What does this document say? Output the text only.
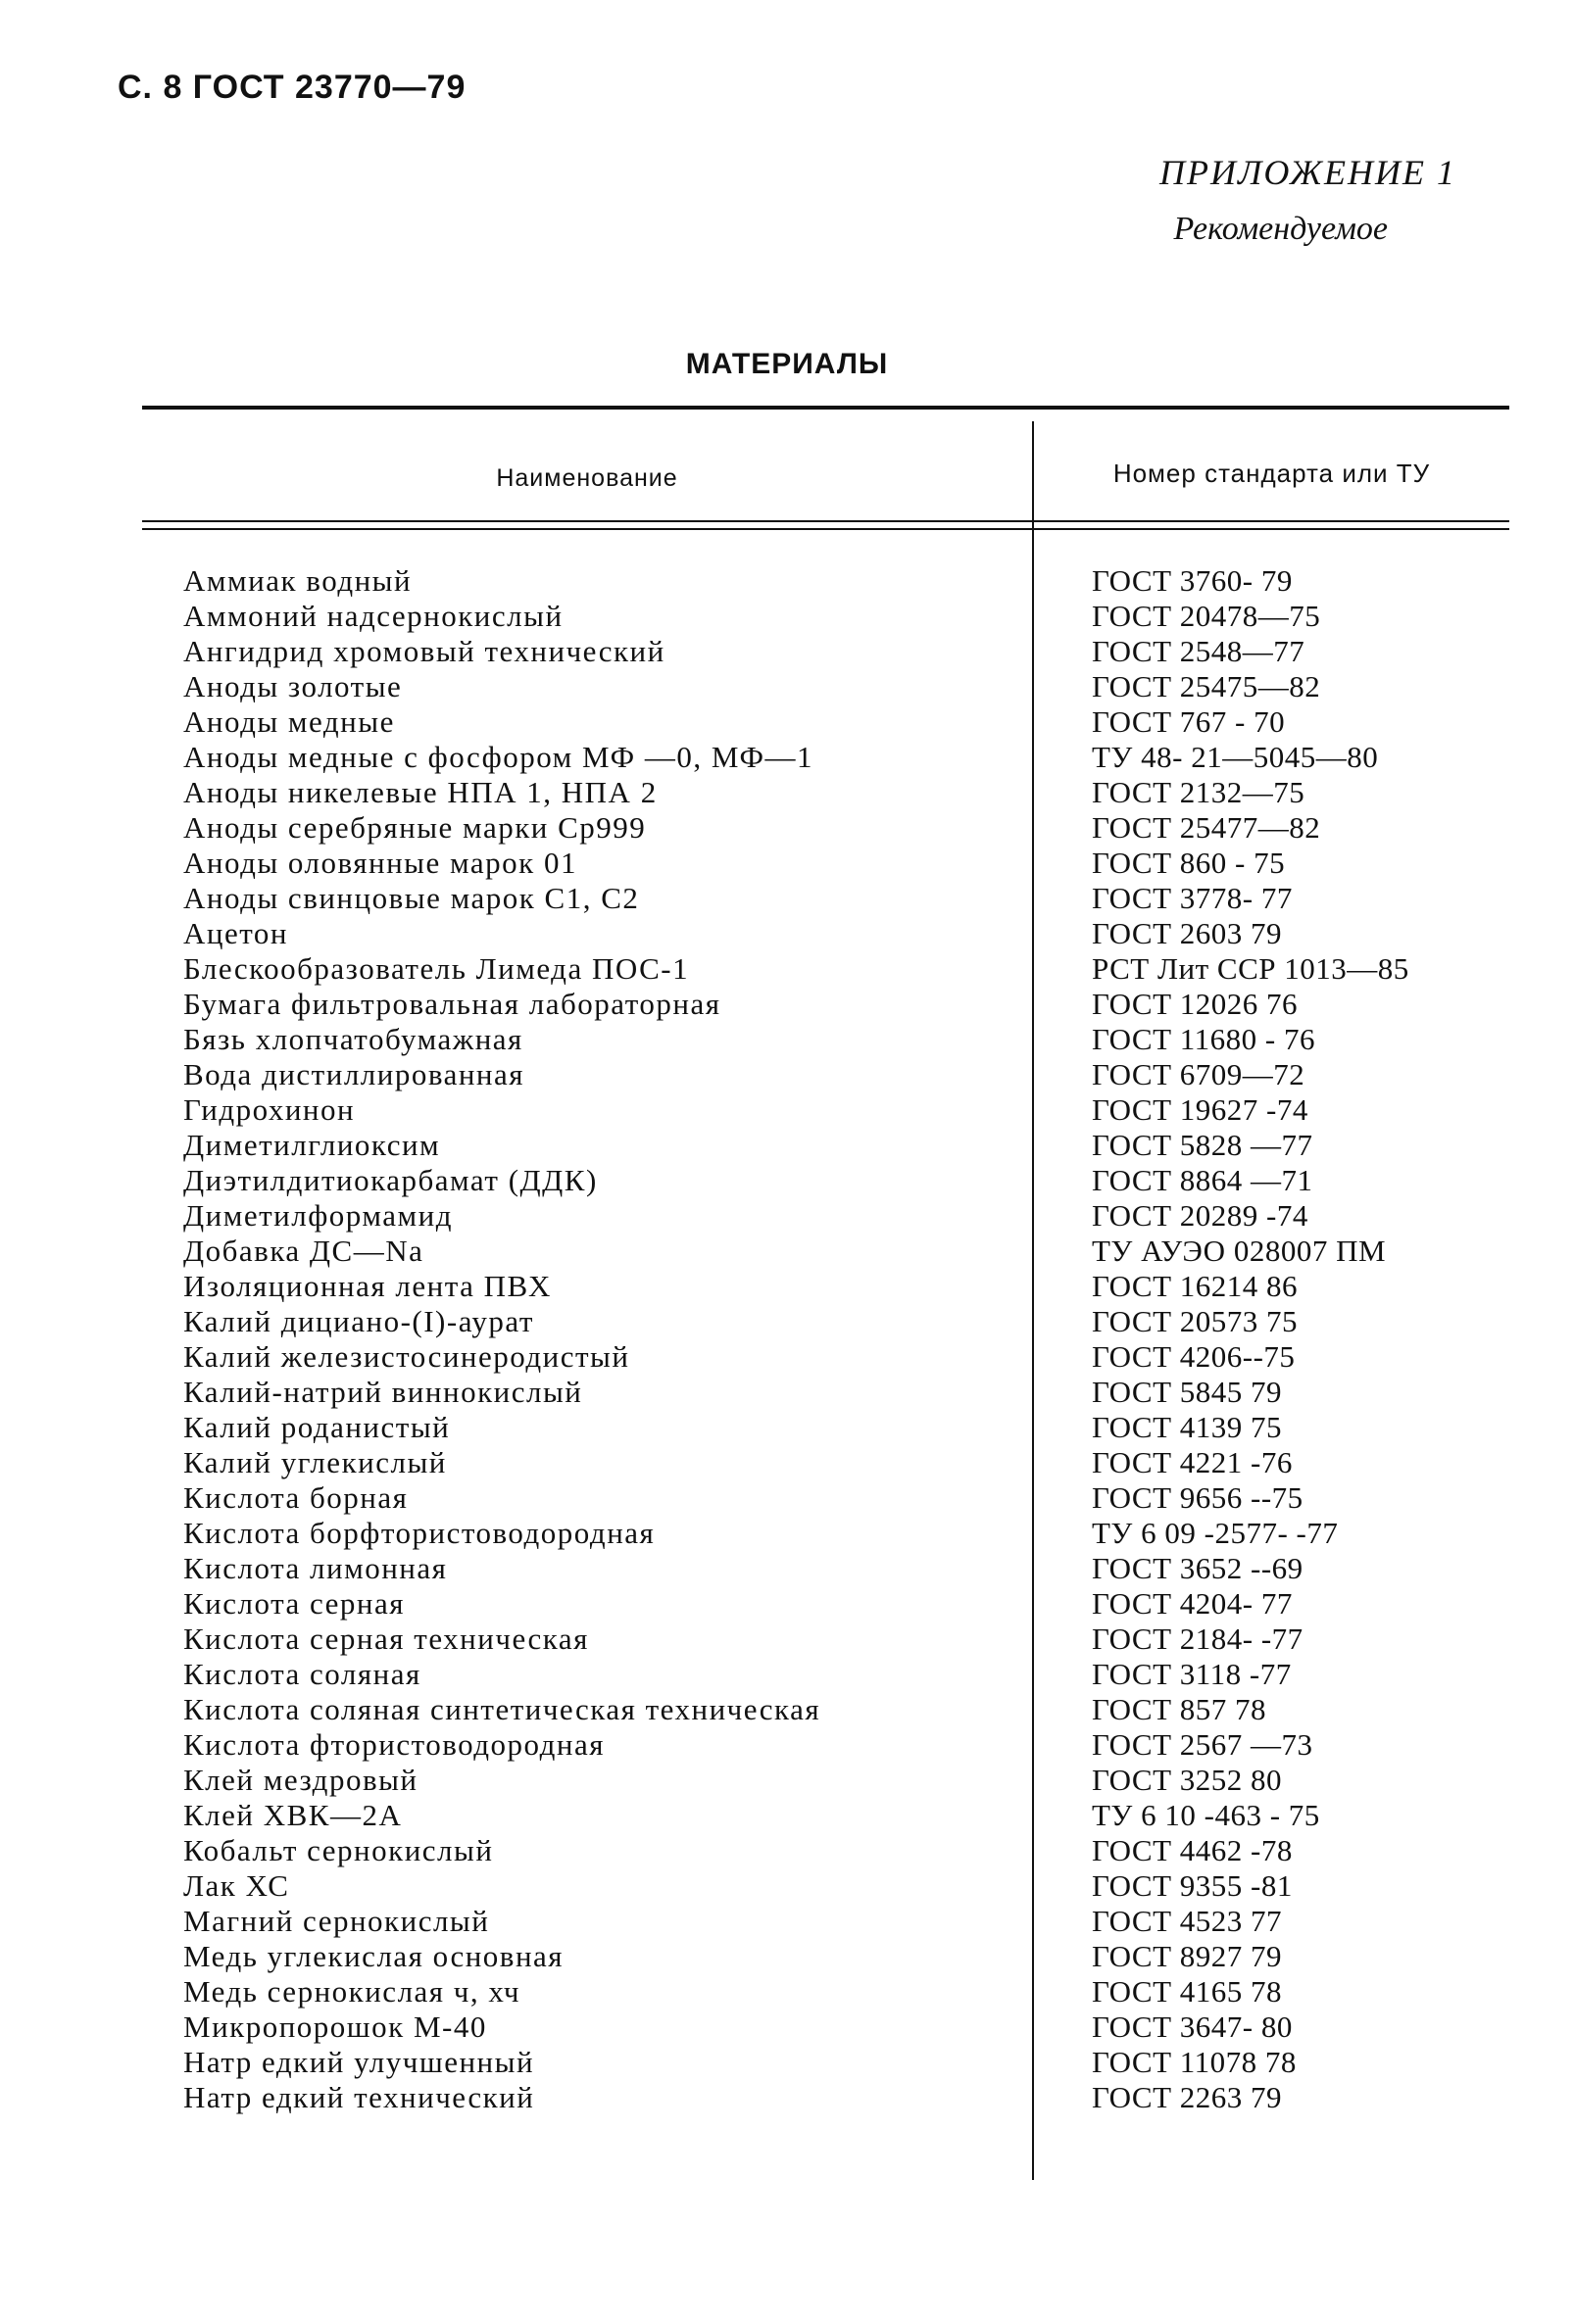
С. 8 ГОСТ 23770—79
ПРИЛОЖЕНИЕ 1
Рекомендуемое
МАТЕРИАЛЫ
Наименование	Номер стандарта или ТУ
Аммиак водный	ГОСТ 3760- 79
Аммоний надсернокислый	ГОСТ 20478—75
Ангидрид хромовый технический	ГОСТ 2548—77
Аноды золотые	ГОСТ 25475—82
Аноды медные	ГОСТ 767 - 70
Аноды медные с фосфором МФ —0, МФ—1	ТУ 48- 21—5045—80
Аноды никелевые НПА 1, НПА 2	ГОСТ 2132—75
Аноды серебряные марки Ср999	ГОСТ 25477—82
Аноды оловянные марок 01	ГОСТ 860 - 75
Аноды свинцовые марок С1, С2	ГОСТ 3778- 77
Ацетон	ГОСТ 2603 79
Блескообразователь Лимеда ПОС-1	РСТ Лит ССР 1013—85
Бумага фильтровальная лабораторная	ГОСТ 12026 76
Бязь хлопчатобумажная	ГОСТ 11680 - 76
Вода дистиллированная	ГОСТ 6709—72
Гидрохинон	ГОСТ 19627 -74
Диметилглиоксим	ГОСТ 5828 —77
Диэтилдитиокарбамат (ДДК)	ГОСТ 8864 —71
Диметилформамид	ГОСТ 20289 -74
Добавка ДС—Na	ТУ АУЭО 028007 ПМ
Изоляционная лента ПВХ	ГОСТ 16214 86
Калий дициано-(I)-аурат	ГОСТ 20573 75
Калий железистосинеродистый	ГОСТ 4206--75
Калий-натрий виннокислый	ГОСТ 5845 79
Калий роданистый	ГОСТ 4139 75
Калий углекислый	ГОСТ 4221 -76
Кислота борная	ГОСТ 9656 --75
Кислота борфтористоводородная	ТУ 6 09 -2577- -77
Кислота лимонная	ГОСТ 3652 --69
Кислота серная	ГОСТ 4204- 77
Кислота серная техническая	ГОСТ 2184- -77
Кислота соляная	ГОСТ 3118 -77
Кислота соляная синтетическая техническая	ГОСТ 857 78
Кислота фтористоводородная	ГОСТ 2567 —73
Клей мездровый	ГОСТ 3252 80
Клей ХВК—2А	ТУ 6 10 -463 - 75
Кобальт сернокислый	ГОСТ 4462 -78
Лак ХС	ГОСТ 9355 -81
Магний сернокислый	ГОСТ 4523 77
Медь углекислая основная	ГОСТ 8927 79
Медь сернокислая ч, хч	ГОСТ 4165 78
Микропорошок М-40	ГОСТ 3647- 80
Натр едкий улучшенный	ГОСТ 11078 78
Натр едкий технический	ГОСТ 2263 79
